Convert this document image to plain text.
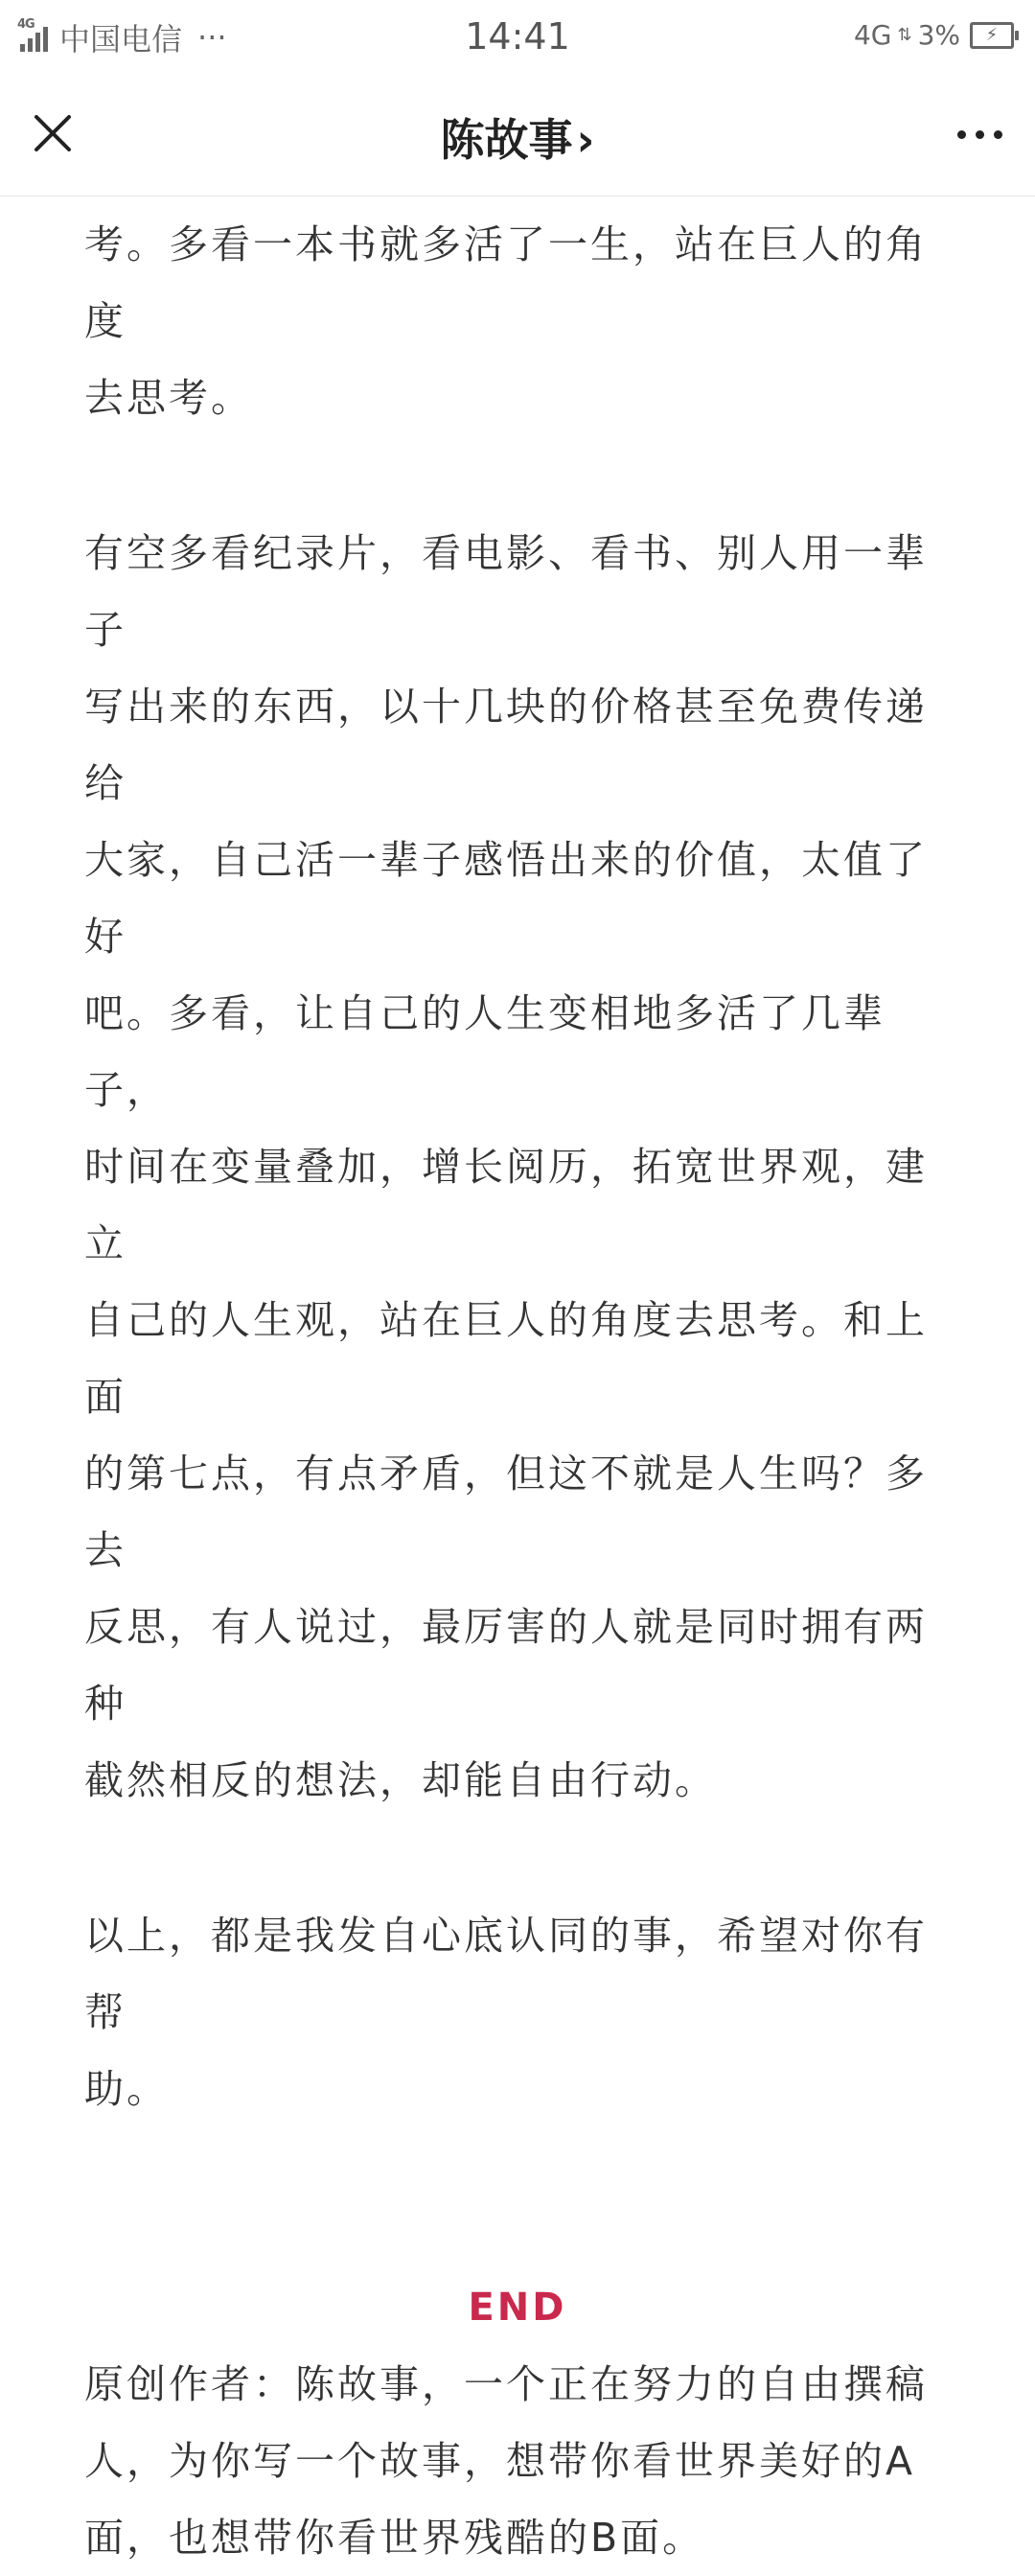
4G 中国电信 ···	14:41	4G ⇅ 3% ⚡
陈故事›

考。多看一本书就多活了一生，站在巨人的角度
去思考。

有空多看纪录片，看电影、看书、别人用一辈子
写出来的东西，以十几块的价格甚至免费传递给
大家，自己活一辈子感悟出来的价值，太值了好
吧。多看，让自己的人生变相地多活了几辈子，
时间在变量叠加，增长阅历，拓宽世界观，建立
自己的人生观，站在巨人的角度去思考。和上面
的第七点，有点矛盾，但这不就是人生吗？多去
反思，有人说过，最厉害的人就是同时拥有两种
截然相反的想法，却能自由行动。

以上，都是我发自心底认同的事，希望对你有帮
助。

END

原创作者：陈故事，一个正在努力的自由撰稿
人，为你写一个故事，想带你看世界美好的A
面，也想带你看世界残酷的B面。
